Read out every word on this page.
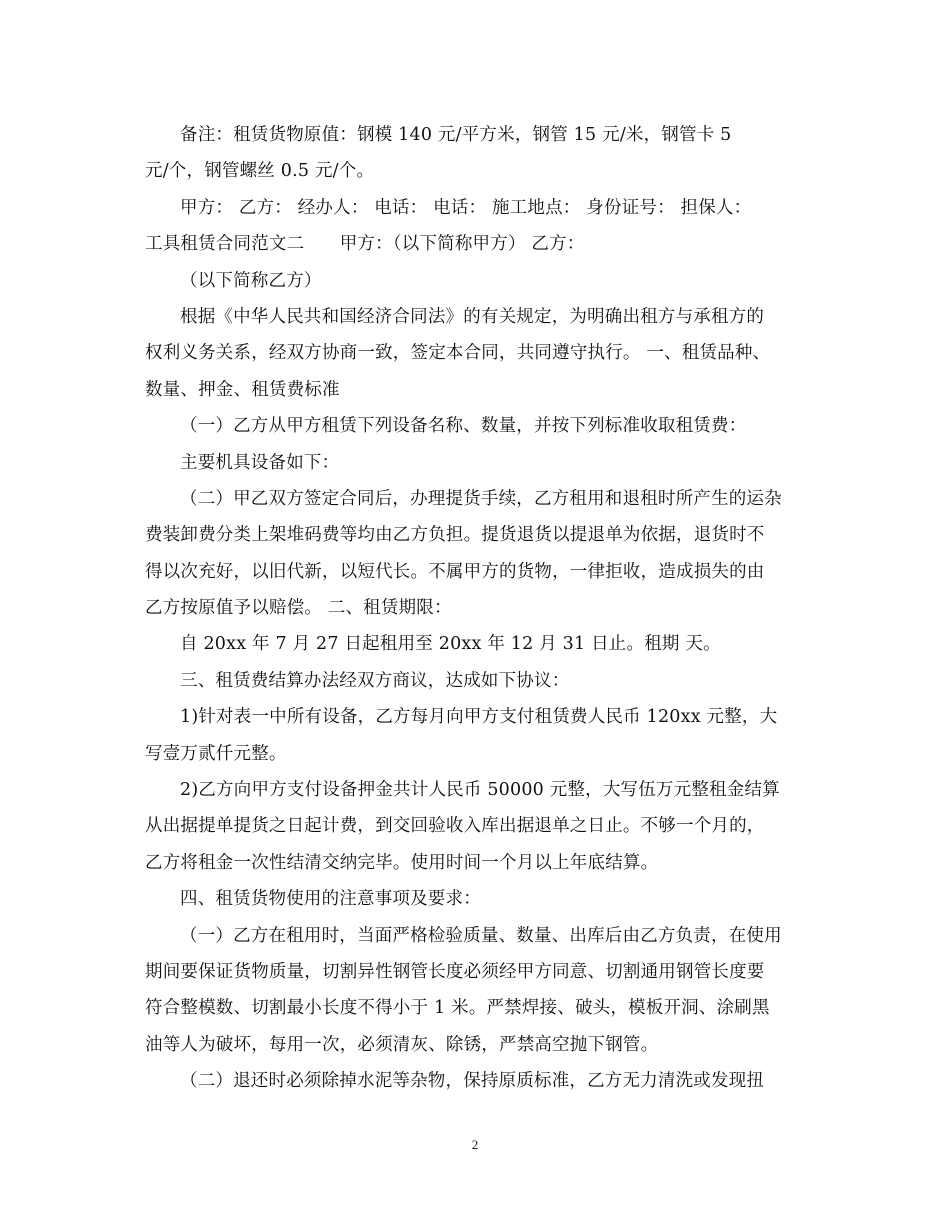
备注：租赁货物原值：钢模 140 元/平方米，钢管 15 元/米，钢管卡 5
元/个，钢管螺丝 0.5 元/个。
甲方： 乙方： 经办人： 电话： 电话： 施工地点： 身份证号： 担保人：
工具租赁合同范文二　　甲方：（以下简称甲方） 乙方：
（以下简称乙方）
根据《中华人民共和国经济合同法》的有关规定，为明确出租方与承租方的
权利义务关系，经双方协商一致，签定本合同，共同遵守执行。 一、租赁品种、
数量、押金、租赁费标准
（一）乙方从甲方租赁下列设备名称、数量，并按下列标准收取租赁费：
主要机具设备如下：
（二）甲乙双方签定合同后，办理提货手续，乙方租用和退租时所产生的运杂
费装卸费分类上架堆码费等均由乙方负担。提货退货以提退单为依据，退货时不
得以次充好，以旧代新，以短代长。不属甲方的货物，一律拒收，造成损失的由
乙方按原值予以赔偿。 二、租赁期限：
自 20xx 年 7 月 27 日起租用至 20xx 年 12 月 31 日止。租期 天。
三、租赁费结算办法经双方商议，达成如下协议：
1)针对表一中所有设备，乙方每月向甲方支付租赁费人民币 120xx 元整，大
写壹万贰仟元整。
2)乙方向甲方支付设备押金共计人民币 50000 元整，大写伍万元整租金结算
从出据提单提货之日起计费，到交回验收入库出据退单之日止。不够一个月的，
乙方将租金一次性结清交纳完毕。使用时间一个月以上年底结算。
四、租赁货物使用的注意事项及要求：
（一）乙方在租用时，当面严格检验质量、数量、出库后由乙方负责，在使用
期间要保证货物质量，切割异性钢管长度必须经甲方同意、切割通用钢管长度要
符合整模数、切割最小长度不得小于 1 米。严禁焊接、破头，模板开洞、涂刷黑
油等人为破坏，每用一次，必须清灰、除锈，严禁高空抛下钢管。
（二）退还时必须除掉水泥等杂物，保持原质标准，乙方无力清洗或发现扭
2
